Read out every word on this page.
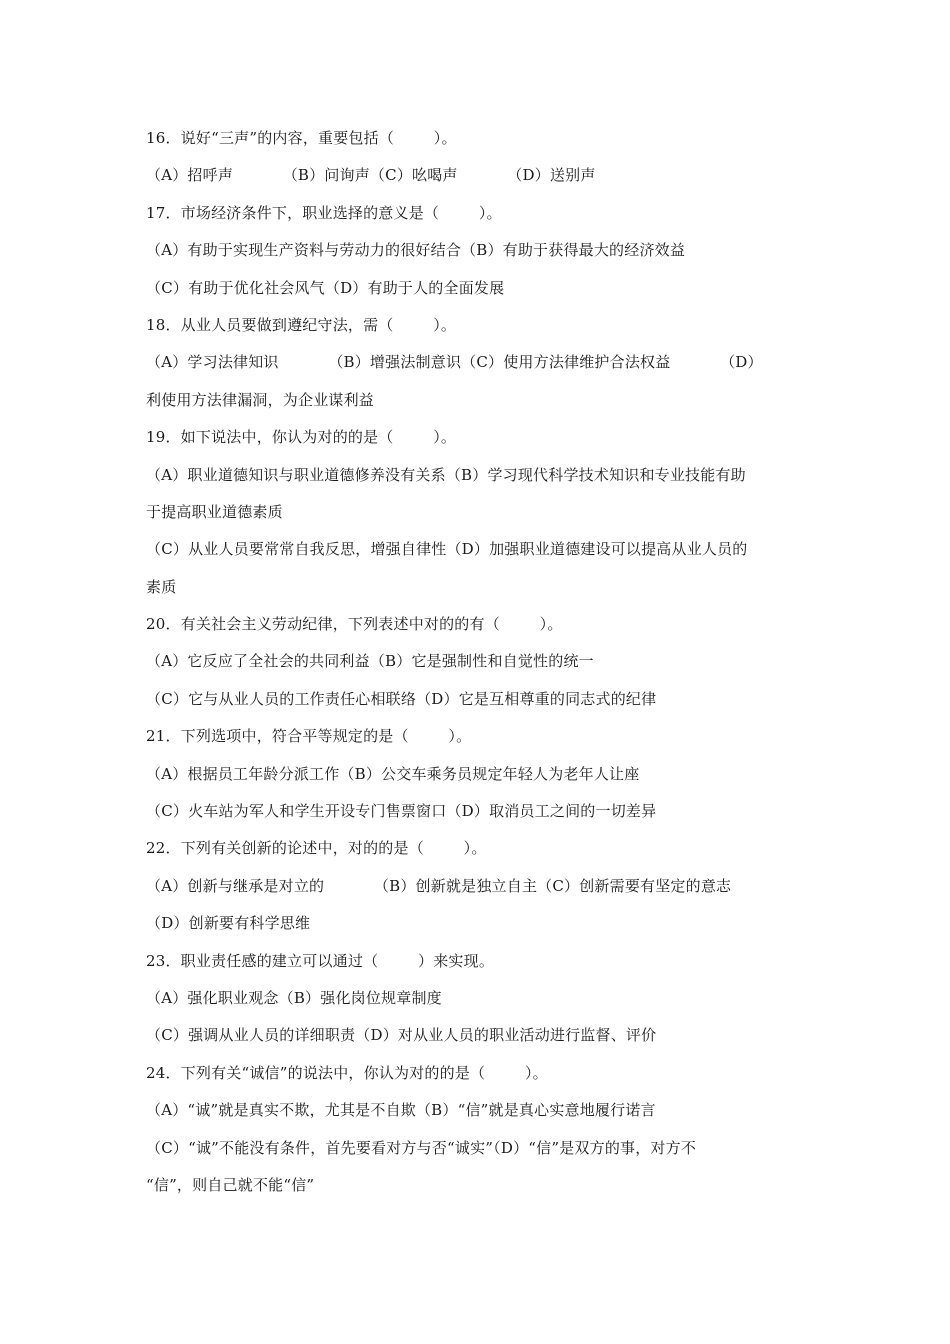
16．说好“三声”的内容，重要包括（        ）。
（A）招呼声          （B）问询声（C）吆喝声          （D）送别声
17．市场经济条件下，职业选择的意义是（        ）。
（A）有助于实现生产资料与劳动力的很好结合（B）有助于获得最大的经济效益
（C）有助于优化社会风气（D）有助于人的全面发展
18．从业人员要做到遵纪守法，需（        ）。
（A）学习法律知识          （B）增强法制意识（C）使用方法律维护合法权益          （D）
利使用方法律漏洞，为企业谋利益
19．如下说法中，你认为对的的是（        ）。
（A）职业道德知识与职业道德修养没有关系（B）学习现代科学技术知识和专业技能有助
于提高职业道德素质
（C）从业人员要常常自我反思，增强自律性（D）加强职业道德建设可以提高从业人员的
素质
20．有关社会主义劳动纪律，下列表述中对的的有（        ）。
（A）它反应了全社会的共同利益（B）它是强制性和自觉性的统一
（C）它与从业人员的工作责任心相联络（D）它是互相尊重的同志式的纪律
21．下列选项中，符合平等规定的是（        ）。
（A）根据员工年龄分派工作（B）公交车乘务员规定年轻人为老年人让座
（C）火车站为军人和学生开设专门售票窗口（D）取消员工之间的一切差异
22．下列有关创新的论述中，对的的是（        ）。
（A）创新与继承是对立的          （B）创新就是独立自主（C）创新需要有坚定的意志
（D）创新要有科学思维
23．职业责任感的建立可以通过（        ）来实现。
（A）强化职业观念（B）强化岗位规章制度
（C）强调从业人员的详细职责（D）对从业人员的职业活动进行监督、评价
24．下列有关“诚信”的说法中，你认为对的的是（        ）。
（A）“诚”就是真实不欺，尤其是不自欺（B）“信”就是真心实意地履行诺言
（C）“诚”不能没有条件，首先要看对方与否“诚实”（D）“信”是双方的事，对方不
“信”，则自己就不能“信”
